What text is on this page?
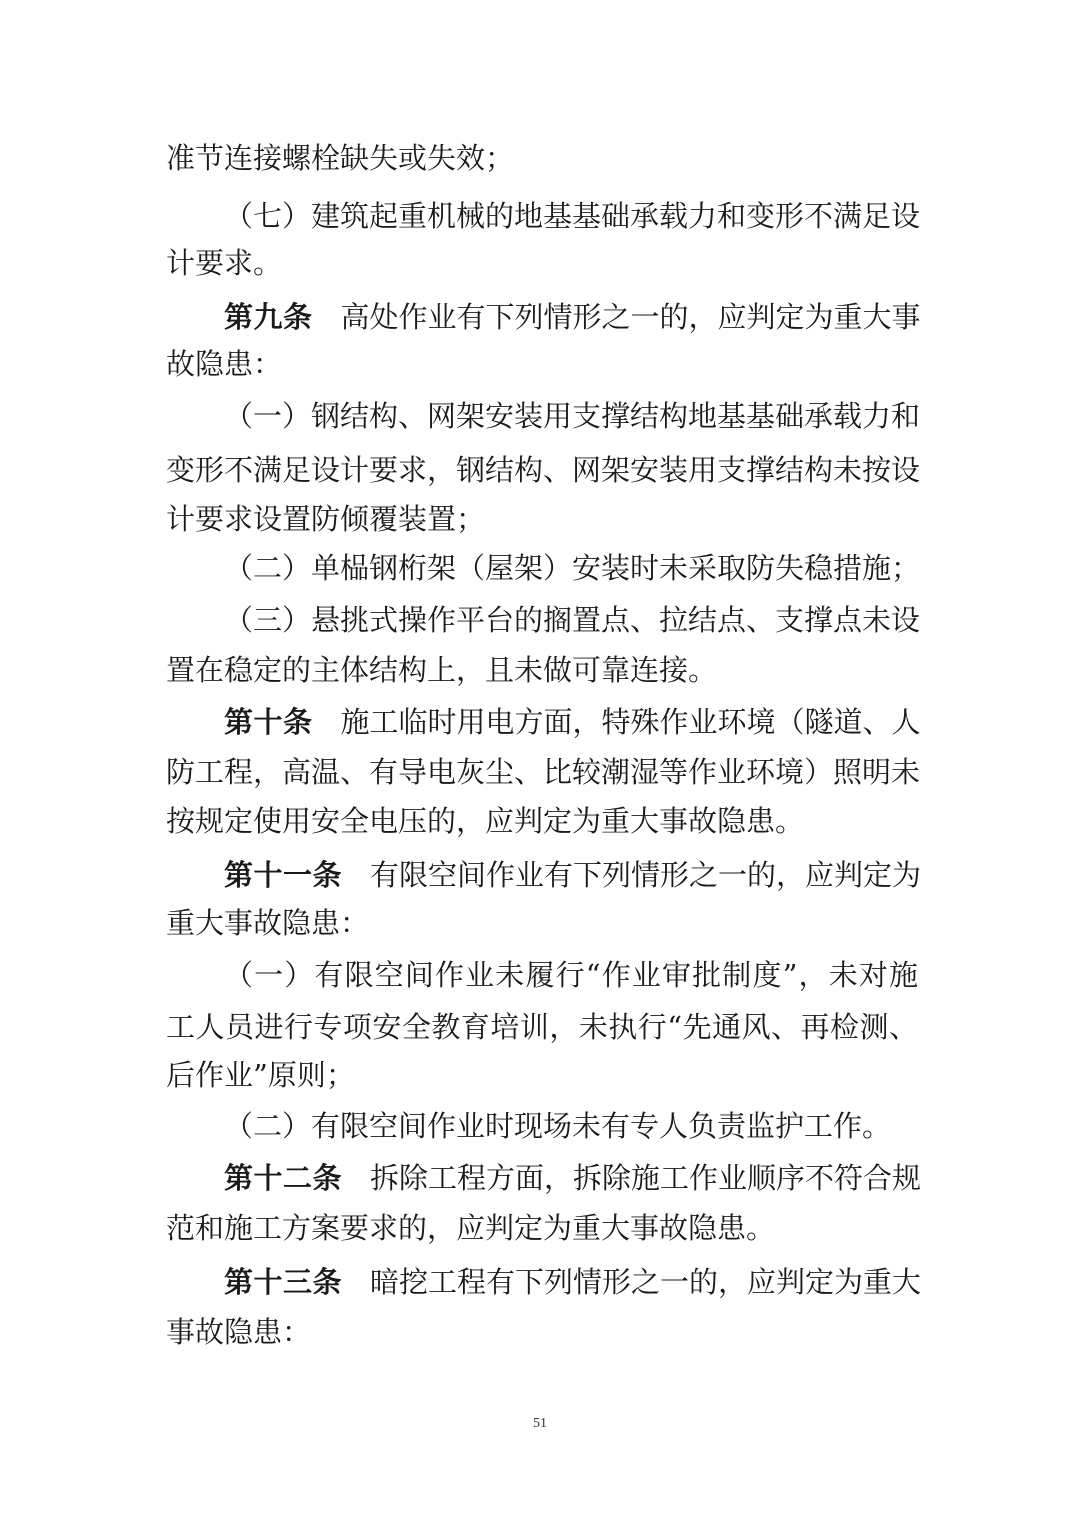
准节连接螺栓缺失或失效；
（七）建筑起重机械的地基基础承载力和变形不满足设
计要求。
第九条 高处作业有下列情形之一的，应判定为重大事
故隐患：
（一）钢结构、网架安装用支撑结构地基基础承载力和
变形不满足设计要求，钢结构、网架安装用支撑结构未按设
计要求设置防倾覆装置；
（二）单榀钢桁架（屋架）安装时未采取防失稳措施；
（三）悬挑式操作平台的搁置点、拉结点、支撑点未设
置在稳定的主体结构上，且未做可靠连接。
第十条 施工临时用电方面，特殊作业环境（隧道、人
防工程，高温、有导电灰尘、比较潮湿等作业环境）照明未
按规定使用安全电压的，应判定为重大事故隐患。
第十一条 有限空间作业有下列情形之一的，应判定为
重大事故隐患：
（一）有限空间作业未履行“作业审批制度”，未对施
工人员进行专项安全教育培训，未执行“先通风、再检测、
后作业”原则；
（二）有限空间作业时现场未有专人负责监护工作。
第十二条 拆除工程方面，拆除施工作业顺序不符合规
范和施工方案要求的，应判定为重大事故隐患。
第十三条 暗挖工程有下列情形之一的，应判定为重大
事故隐患：
51
